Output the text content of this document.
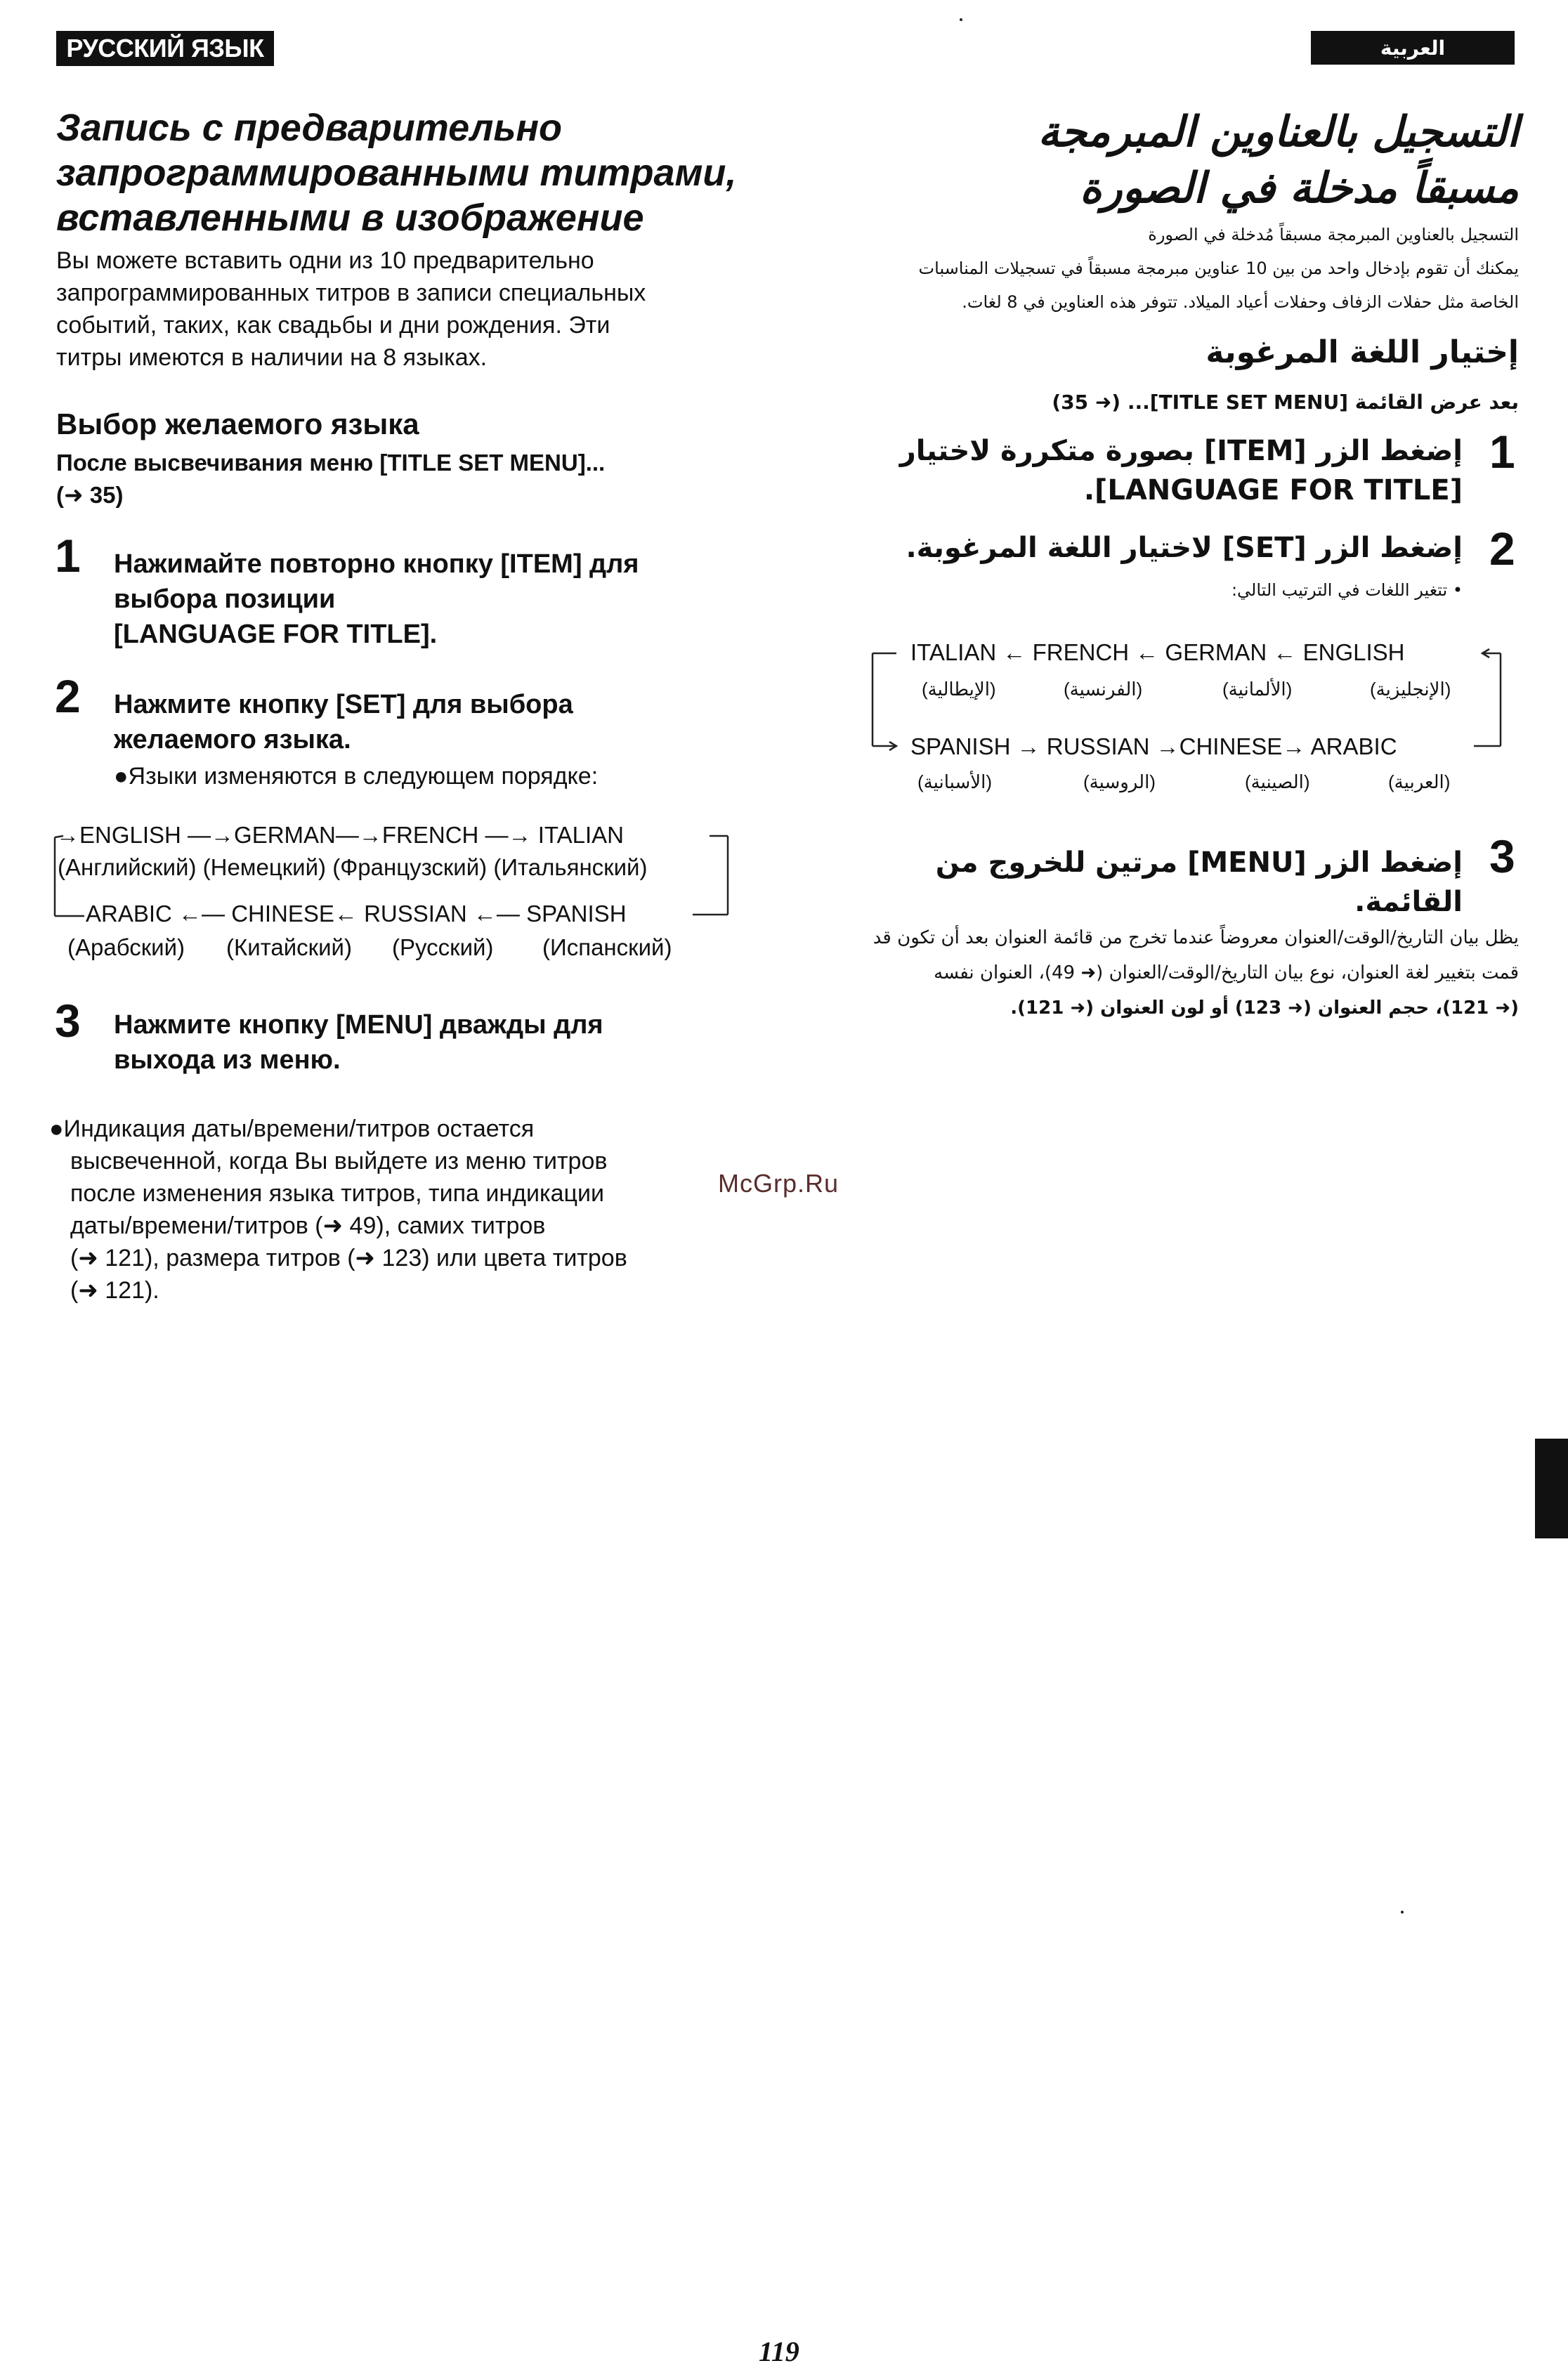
РУССКИЙ ЯЗЫК	العربية
Запись с предварительно
запрограммированными титрами,
вставленными в изображение
Вы можете вставить одни из 10 предварительно
запрограммированных титров в записи специальных
событий, таких, как свадьбы и дни рождения. Эти
титры имеются в наличии на 8 языках.
Выбор желаемого языка
После высвечивания меню [TITLE SET MENU]...
(➜ 35)
1 Нажимайте повторно кнопку [ITEM] для
выбора позиции
[LANGUAGE FOR TITLE].
2 Нажмите кнопку [SET] для выбора
желаемого языка.
●Языки изменяются в следующем порядке:
→ENGLISH —→GERMAN—→FRENCH —→ ITALIAN
(Английский) (Немецкий) (Французский) (Итальянский)
ARABIC ←— CHINESE← RUSSIAN ←— SPANISH
(Арабский) (Китайский) (Русский) (Испанский)
3 Нажмите кнопку [MENU] дважды для
выхода из меню.
●Индикация даты/времени/титров остается
высвеченной, когда Вы выйдете из меню титров
после изменения языка титров, типа индикации
даты/времени/титров (➜ 49), самих титров
(➜ 121), размера титров (➜ 123) или цвета титров
(➜ 121).
McGrp.Ru
التسجيل بالعناوين المبرمجة
مسبقاً مدخلة في الصورة
التسجيل بالعناوين المبرمجة مسبقاً مُدخلة في الصورة
يمكنك أن تقوم بإدخال واحد من بين 10 عناوين مبرمجة مسبقاً في تسجيلات المناسبات
الخاصة مثل حفلات الزفاف وحفلات أعياد الميلاد. تتوفر هذه العناوين في 8 لغات.
إختيار اللغة المرغوبة
بعد عرض القائمة [TITLE SET MENU]... (➜ 35)
1
إضغط الزر [ITEM] بصورة متكررة لاختيار
[LANGUAGE FOR TITLE].
2
إضغط الزر [SET] لاختيار اللغة المرغوبة.
• تتغير اللغات في الترتيب التالي:
ITALIAN ← FRENCH ← GERMAN ← ENGLISH
(الإيطالية)	(الفرنسية)	(الألمانية)	(الإنجليزية)
SPANISH → RUSSIAN →CHINESE→ ARABIC
(الأسبانية)	(الروسية)	(الصينية)	(العربية)
3
إضغط الزر [MENU] مرتين للخروج من القائمة.
يظل بيان التاريخ/الوقت/العنوان معروضاً عندما تخرج من قائمة العنوان بعد أن تكون قد
قمت بتغيير لغة العنوان، نوع بيان التاريخ/الوقت/العنوان (➜ 49)، العنوان نفسه
(➜ 121)، حجم العنوان (➜ 123) أو لون العنوان (➜ 121).
119
